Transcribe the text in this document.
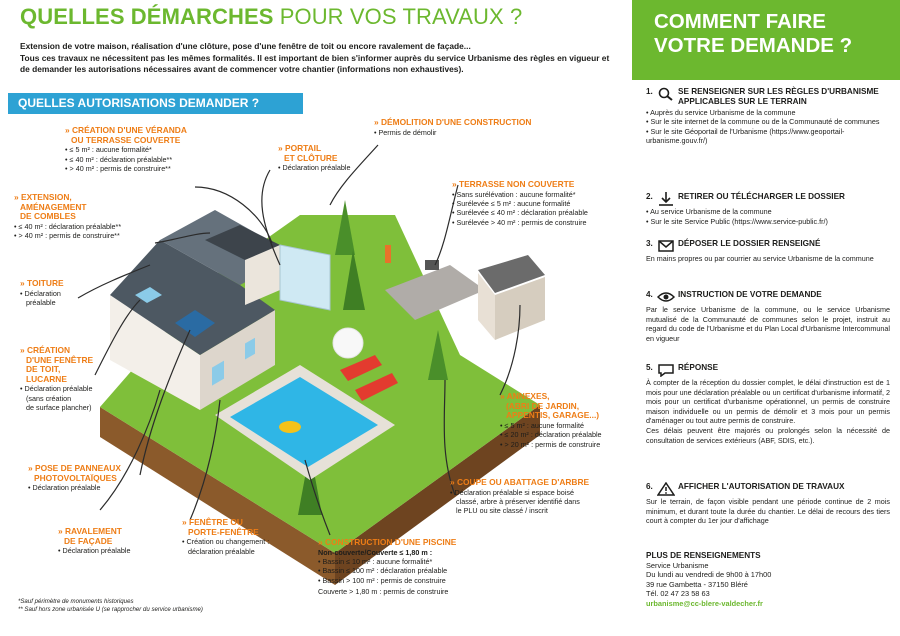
QUELLES DÉMARCHES POUR VOS TRAVAUX ?
Extension de votre maison, réalisation d'une clôture, pose d'une fenêtre de toit ou encore ravalement de façade...
Tous ces travaux ne nécessitent pas les mêmes formalités. Il est important de bien s'informer auprès du service Urbanisme des règles en vigueur et de demander les autorisations nécessaires avant de commencer votre chantier (informations non exhaustives).
QUELLES AUTORISATIONS DEMANDER ?
» CRÉATION D'UNE VÉRANDA
OU TERRASSE COUVERTE
• ≤ 5 m² : aucune formalité*
• ≤ 40 m² : déclaration préalable**
• > 40 m² : permis de construire**
» PORTAIL
ET CLÔTURE
• Déclaration préalable
» DÉMOLITION D'UNE CONSTRUCTION
• Permis de démolir
» EXTENSION,
AMÉNAGEMENT
DE COMBLES
• ≤ 40 m² : déclaration préalable**
• > 40 m² : permis de construire**
» TERRASSE NON COUVERTE
• Sans surélévation : aucune formalité*
• Surélevée ≤ 5 m² : aucune formalité
• Surélevée ≤ 40 m² : déclaration préalable
• Surélevée > 40 m² : permis de construire
» TOITURE
• Déclaration
préalable
» CRÉATION
D'UNE FENÊTRE
DE TOIT,
LUCARNE
• Déclaration préalable
(sans création
de surface plancher)
» ANNEXES,
(ABRI DE JARDIN,
APPENTIS, GARAGE...)
• ≤ 5 m² : aucune formalité
• ≤ 20 m² : déclaration préalable
• > 20 m² : permis de construire
» POSE DE PANNEAUX
PHOTOVOLTAÏQUES
• Déclaration préalable
» COUPE OU ABATTAGE D'ARBRE
• Déclaration préalable si espace boisé
classé, arbre à préserver identifié dans
le PLU ou site classé / inscrit
» RAVALEMENT
DE FAÇADE
• Déclaration préalable
» FENÊTRE OU
PORTE-FENÊTRE
• Création ou changement :
déclaration préalable
» CONSTRUCTION D'UNE PISCINE
Non-couverte/Couverte ≤ 1,80 m :
• Bassin ≤ 10 m² : aucune formalité*
• Bassin ≤ 100 m² : déclaration préalable
• Bassin > 100 m² : permis de construire
Couverte > 1,80 m : permis de construire
*Sauf périmètre de monuments historiques
** Sauf hors zone urbanisée U (se rapprocher du service urbanisme)
COMMENT FAIRE
VOTRE DEMANDE ?
1.	SE RENSEIGNER SUR LES RÈGLES D'URBANISME APPLICABLES SUR LE TERRAIN
• Auprès du service Urbanisme de la commune
• Sur le site internet de la commune ou de la Communauté de communes
• Sur le site Géoportail de l'Urbanisme (https://www.geoportail-urbanisme.gouv.fr/)
2.	RETIRER OU TÉLÉCHARGER LE DOSSIER
• Au service Urbanisme de la commune
• Sur le site Service Public (https://www.service-public.fr/)
3.	DÉPOSER LE DOSSIER RENSEIGNÉ
En mains propres ou par courrier au service Urbanisme de la commune
4.	INSTRUCTION DE VOTRE DEMANDE
Par le service Urbanisme de la commune, ou le service Urbanisme mutualisé de la Communauté de communes selon le projet, instruit au regard du code de l'Urbanisme et du Plan Local d'Urbanisme Intercommunal en vigueur
5.	RÉPONSE
À compter de la réception du dossier complet, le délai d'instruction est de 1 mois pour une déclaration préalable ou un certificat d'urbanisme informatif, 2 mois pour un certificat d'urbanisme opérationnel, un permis de construire maison individuelle ou un permis de démolir et 3 mois pour un permis d'aménager ou tout autre permis de construire.
Ces délais peuvent être majorés ou prolongés selon la nécessité de consultation de services extérieurs (ABF, SDIS, etc.).
6.	AFFICHER L'AUTORISATION DE TRAVAUX
Sur le terrain, de façon visible pendant une période continue de 2 mois minimum, et durant toute la durée du chantier. Le délai de recours des tiers court à compter du 1er jour d'affichage
PLUS DE RENSEIGNEMENTS
Service Urbanisme
Du lundi au vendredi de 9h00 à 17h00
39 rue Gambetta - 37150 Bléré
Tél. 02 47 23 58 63
urbanisme@cc-blere-valdecher.fr
